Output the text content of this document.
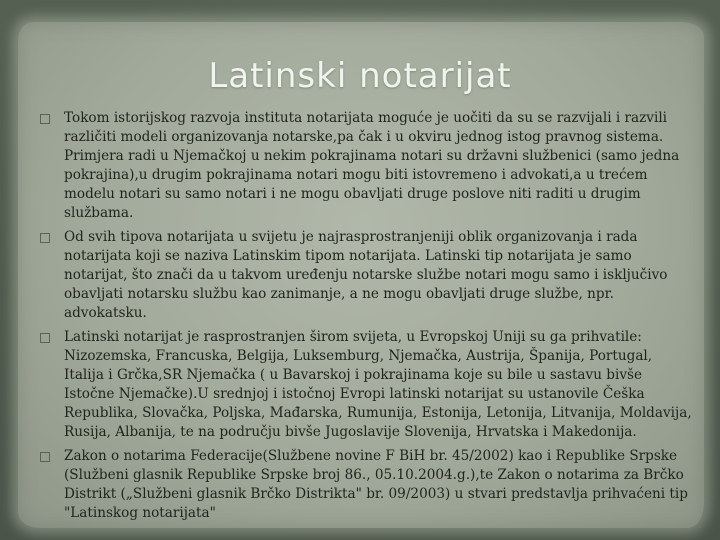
Latinski notarijat
Tokom istorijskog razvoja instituta notarijata moguće je uočiti da su se razvijali i razvili različiti modeli organizovanja notarske,pa čak i u okviru jednog istog pravnog sistema. Primjera radi u Njemačkoj u nekim pokrajinama notari su državni službenici (samo jedna pokrajina),u drugim pokrajinama notari mogu biti istovremeno i advokati,a u trećem modelu notari su samo notari i ne mogu obavljati druge poslove niti raditi u drugim službama.
Od svih tipova notarijata u svijetu je najrasprostranjeniji oblik organizovanja i rada notarijata koji se naziva Latinskim tipom notarijata. Latinski tip notarijata je samo notarijat, što znači da u takvom uređenju notarske službe notari mogu samo i isključivo obavljati notarsku službu kao zanimanje, a ne mogu obavljati druge službe, npr. advokatsku.
Latinski notarijat je rasprostranjen širom svijeta, u Evropskoj Uniji su ga prihvatile: Nizozemska, Francuska, Belgija, Luksemburg, Njemačka, Austrija, Španija, Portugal, Italija i Grčka,SR Njemačka ( u Bavarskoj i pokrajinama koje su bile u sastavu bivše Istočne Njemačke).U srednjoj i istočnoj Evropi latinski notarijat su ustanovile Češka Republika, Slovačka, Poljska, Mađarska, Rumunija, Estonija, Letonija, Litvanija, Moldavija, Rusija, Albanija, te na području bivše Jugoslavije Slovenija, Hrvatska i Makedonija.
Zakon o notarima Federacije(Službene novine F BiH br. 45/2002) kao i Republike Srpske (Službeni glasnik Republike Srpske broj 86., 05.10.2004.g.),te Zakon o notarima za Brčko Distrikt („Službeni glasnik Brčko Distrikta" br. 09/2003) u stvari predstavlja prihvaćeni tip "Latinskog notarijata"
